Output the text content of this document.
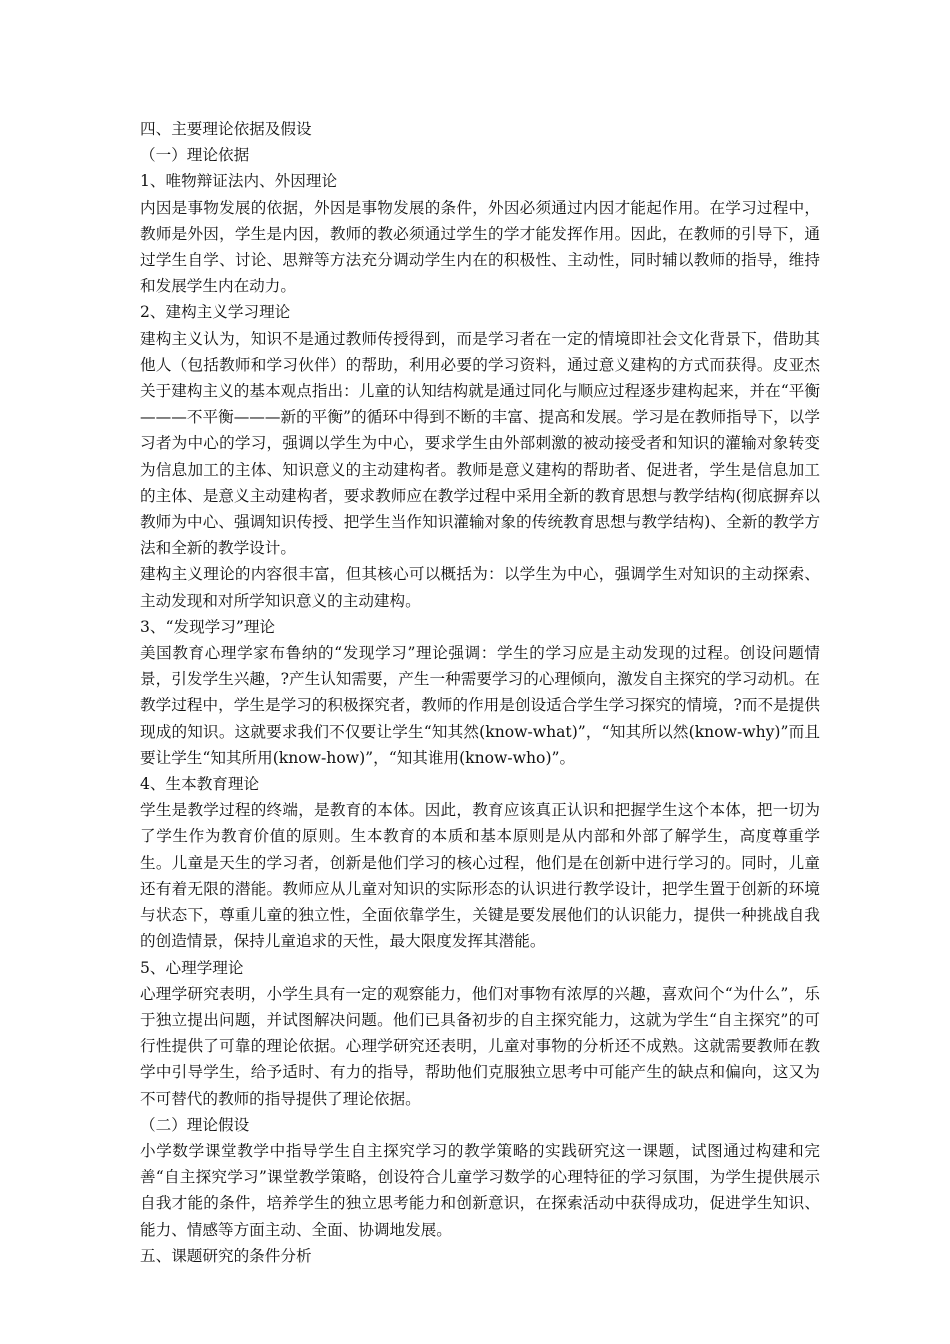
四、主要理论依据及假设
（一）理论依据
1、唯物辩证法内、外因理论
内因是事物发展的依据，外因是事物发展的条件，外因必须通过内因才能起作用。在学习过程中，教师是外因，学生是内因，教师的教必须通过学生的学才能发挥作用。因此，在教师的引导下，通过学生自学、讨论、思辩等方法充分调动学生内在的积极性、主动性，同时辅以教师的指导，维持和发展学生内在动力。
2、建构主义学习理论
建构主义认为，知识不是通过教师传授得到，而是学习者在一定的情境即社会文化背景下，借助其他人（包括教师和学习伙伴）的帮助，利用必要的学习资料，通过意义建构的方式而获得。皮亚杰关于建构主义的基本观点指出：儿童的认知结构就是通过同化与顺应过程逐步建构起来，并在“平衡———不平衡———新的平衡”的循环中得到不断的丰富、提高和发展。学习是在教师指导下，以学习者为中心的学习，强调以学生为中心，要求学生由外部刺激的被动接受者和知识的灌输对象转变为信息加工的主体、知识意义的主动建构者。教师是意义建构的帮助者、促进者，学生是信息加工的主体、是意义主动建构者，要求教师应在教学过程中采用全新的教育思想与教学结构(彻底摒弃以教师为中心、强调知识传授、把学生当作知识灌输对象的传统教育思想与教学结构)、全新的教学方法和全新的教学设计。
建构主义理论的内容很丰富，但其核心可以概括为：以学生为中心，强调学生对知识的主动探索、主动发现和对所学知识意义的主动建构。
3、“发现学习”理论
美国教育心理学家布鲁纳的“发现学习”理论强调：学生的学习应是主动发现的过程。创设问题情景，引发学生兴趣，?产生认知需要，产生一种需要学习的心理倾向，激发自主探究的学习动机。在教学过程中，学生是学习的积极探究者，教师的作用是创设适合学生学习探究的情境，?而不是提供现成的知识。这就要求我们不仅要让学生“知其然(know-what)”，“知其所以然(know-why)”而且要让学生“知其所用(know-how)”，“知其谁用(know-who)”。
4、生本教育理论
学生是教学过程的终端，是教育的本体。因此，教育应该真正认识和把握学生这个本体，把一切为了学生作为教育价值的原则。生本教育的本质和基本原则是从内部和外部了解学生，高度尊重学生。儿童是天生的学习者，创新是他们学习的核心过程，他们是在创新中进行学习的。同时，儿童还有着无限的潜能。教师应从儿童对知识的实际形态的认识进行教学设计，把学生置于创新的环境与状态下，尊重儿童的独立性，全面依靠学生，关键是要发展他们的认识能力，提供一种挑战自我的创造情景，保持儿童追求的天性，最大限度发挥其潜能。
5、心理学理论
心理学研究表明，小学生具有一定的观察能力，他们对事物有浓厚的兴趣，喜欢问个“为什么”，乐于独立提出问题，并试图解决问题。他们已具备初步的自主探究能力，这就为学生“自主探究”的可行性提供了可靠的理论依据。心理学研究还表明，儿童对事物的分析还不成熟。这就需要教师在教学中引导学生，给予适时、有力的指导，帮助他们克服独立思考中可能产生的缺点和偏向，这又为不可替代的教师的指导提供了理论依据。
（二）理论假设
小学数学课堂教学中指导学生自主探究学习的教学策略的实践研究这一课题，试图通过构建和完善“自主探究学习”课堂教学策略，创设符合儿童学习数学的心理特征的学习氛围，为学生提供展示自我才能的条件，培养学生的独立思考能力和创新意识，在探索活动中获得成功，促进学生知识、能力、情感等方面主动、全面、协调地发展。
五、课题研究的条件分析
